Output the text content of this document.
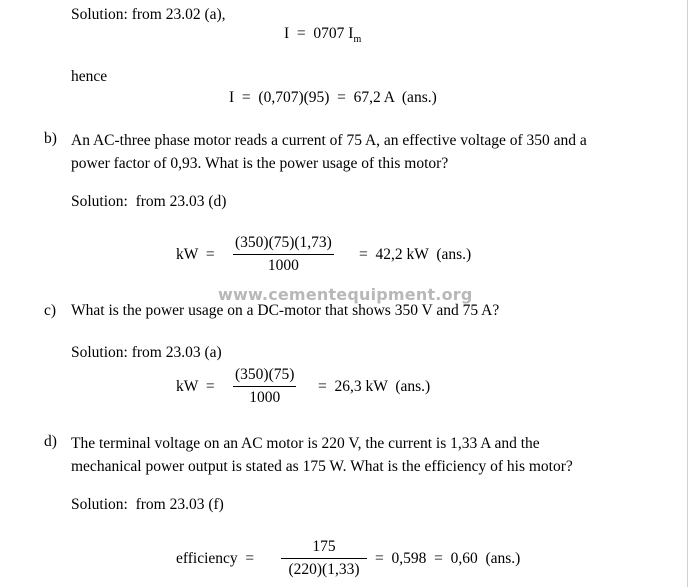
Solution: from 23.02 (a),
I = 0707 $I_m$
hence
I  =  (0,707)(95)  =  67,2 A  (ans.)
b) An AC-three phase motor reads a current of 75 A, an effective voltage of 350 and a
power factor of 0,93. What is the power usage of this motor?
Solution:  from 23.03 (d)
kW  =
(350)(75)(1,73)
1000
=  42,2 kW  (ans.)
www.cementequipment.org
c) What is the power usage on a DC-motor that shows 350 V and 75 A?
Solution: from 23.03 (a)
kW  =
(350)(75)
1000
=  26,3 kW  (ans.)
d) The terminal voltage on an AC motor is 220 V, the current is 1,33 A and the
mechanical power output is stated as 175 W. What is the efficiency of his motor?
Solution:  from 23.03 (f)
efficiency  =
175
(220)(1,33)
=  0,598  =  0,60  (ans.)
